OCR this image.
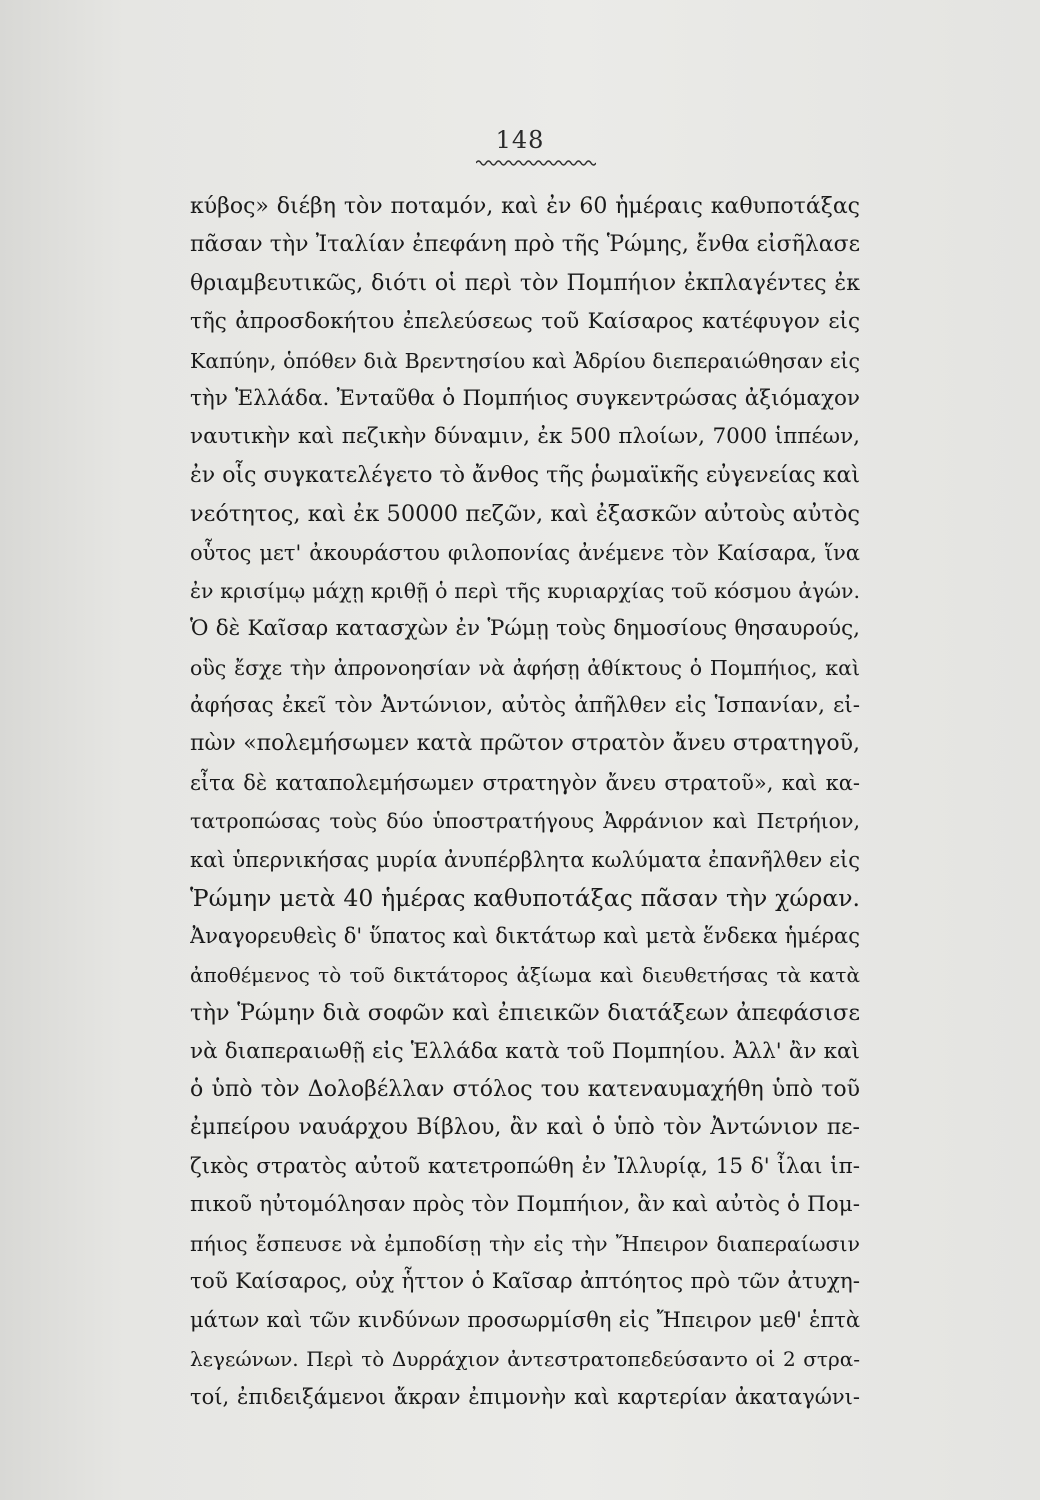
148
κύβος» διέβη τὸν ποταμόν, καὶ ἐν 60 ἡμέραις καθυποτάξας
πᾶσαν τὴν Ἰταλίαν ἐπεφάνη πρὸ τῆς Ῥώμης, ἔνθα εἰσῆλασε
θριαμβευτικῶς, διότι οἱ περὶ τὸν Πομπήιον ἐκπλαγέντες ἐκ
τῆς ἀπροσδοκήτου ἐπελεύσεως τοῦ Καίσαρος κατέφυγον εἰς
Καπύην, ὁπόθεν διὰ Βρεντησίου καὶ Ἀδρίου διεπεραιώθησαν εἰς
τὴν Ἑλλάδα. Ἐνταῦθα ὁ Πομπήιος συγκεντρώσας ἀξιόμαχον
ναυτικὴν καὶ πεζικὴν δύναμιν, ἐκ 500 πλοίων, 7000 ἱππέων,
ἐν οἷς συγκατελέγετο τὸ ἄνθος τῆς ῥωμαϊκῆς εὐγενείας καὶ
νεότητος, καὶ ἐκ 50000 πεζῶν, καὶ ἐξασκῶν αὐτοὺς αὐτὸς
οὗτος μετ' ἀκουράστου φιλοπονίας ἀνέμενε τὸν Καίσαρα, ἵνα
ἐν κρισίμῳ μάχῃ κριθῇ ὁ περὶ τῆς κυριαρχίας τοῦ κόσμου ἀγών.
Ὁ δὲ Καῖσαρ κατασχὼν ἐν Ῥώμῃ τοὺς δημοσίους θησαυρούς,
οὓς ἔσχε τὴν ἀπρονοησίαν νὰ ἀφήσῃ ἀθίκτους ὁ Πομπήιος, καὶ
ἀφήσας ἐκεῖ τὸν Ἀντώνιον, αὐτὸς ἀπῆλθεν εἰς Ἱσπανίαν, εἰ-
πὼν «πολεμήσωμεν κατὰ πρῶτον στρατὸν ἄνευ στρατηγοῦ,
εἶτα δὲ καταπολεμήσωμεν στρατηγὸν ἄνευ στρατοῦ», καὶ κα-
τατροπώσας τοὺς δύο ὑποστρατήγους Ἀφράνιον καὶ Πετρήιον,
καὶ ὑπερνικήσας μυρία ἀνυπέρβλητα κωλύματα ἐπανῆλθεν εἰς
Ῥώμην μετὰ 40 ἡμέρας καθυποτάξας πᾶσαν τὴν χώραν.
Ἀναγορευθεὶς δ' ὕπατος καὶ δικτάτωρ καὶ μετὰ ἕνδεκα ἡμέρας
ἀποθέμενος τὸ τοῦ δικτάτορος ἀξίωμα καὶ διευθετήσας τὰ κατὰ
τὴν Ῥώμην διὰ σοφῶν καὶ ἐπιεικῶν διατάξεων ἀπεφάσισε
νὰ διαπεραιωθῇ εἰς Ἑλλάδα κατὰ τοῦ Πομπηίου. Ἀλλ' ἂν καὶ
ὁ ὑπὸ τὸν Δολοβέλλαν στόλος του κατεναυμαχήθη ὑπὸ τοῦ
ἐμπείρου ναυάρχου Βίβλου, ἂν καὶ ὁ ὑπὸ τὸν Ἀντώνιον πε-
ζικὸς στρατὸς αὐτοῦ κατετροπώθη ἐν Ἰλλυρίᾳ, 15 δ' ἶλαι ἱπ-
πικοῦ ηὐτομόλησαν πρὸς τὸν Πομπήιον, ἂν καὶ αὐτὸς ὁ Πομ-
πήιος ἔσπευσε νὰ ἐμποδίσῃ τὴν εἰς τὴν Ἤπειρον διαπεραίωσιν
τοῦ Καίσαρος, οὐχ ἧττον ὁ Καῖσαρ ἀπτόητος πρὸ τῶν ἀτυχη-
μάτων καὶ τῶν κινδύνων προσωρμίσθη εἰς Ἤπειρον μεθ' ἑπτὰ
λεγεώνων. Περὶ τὸ Δυρράχιον ἀντεστρατοπεδεύσαντο οἱ 2 στρα-
τοί, ἐπιδειξάμενοι ἄκραν ἐπιμονὴν καὶ καρτερίαν ἀκαταγώνι-
